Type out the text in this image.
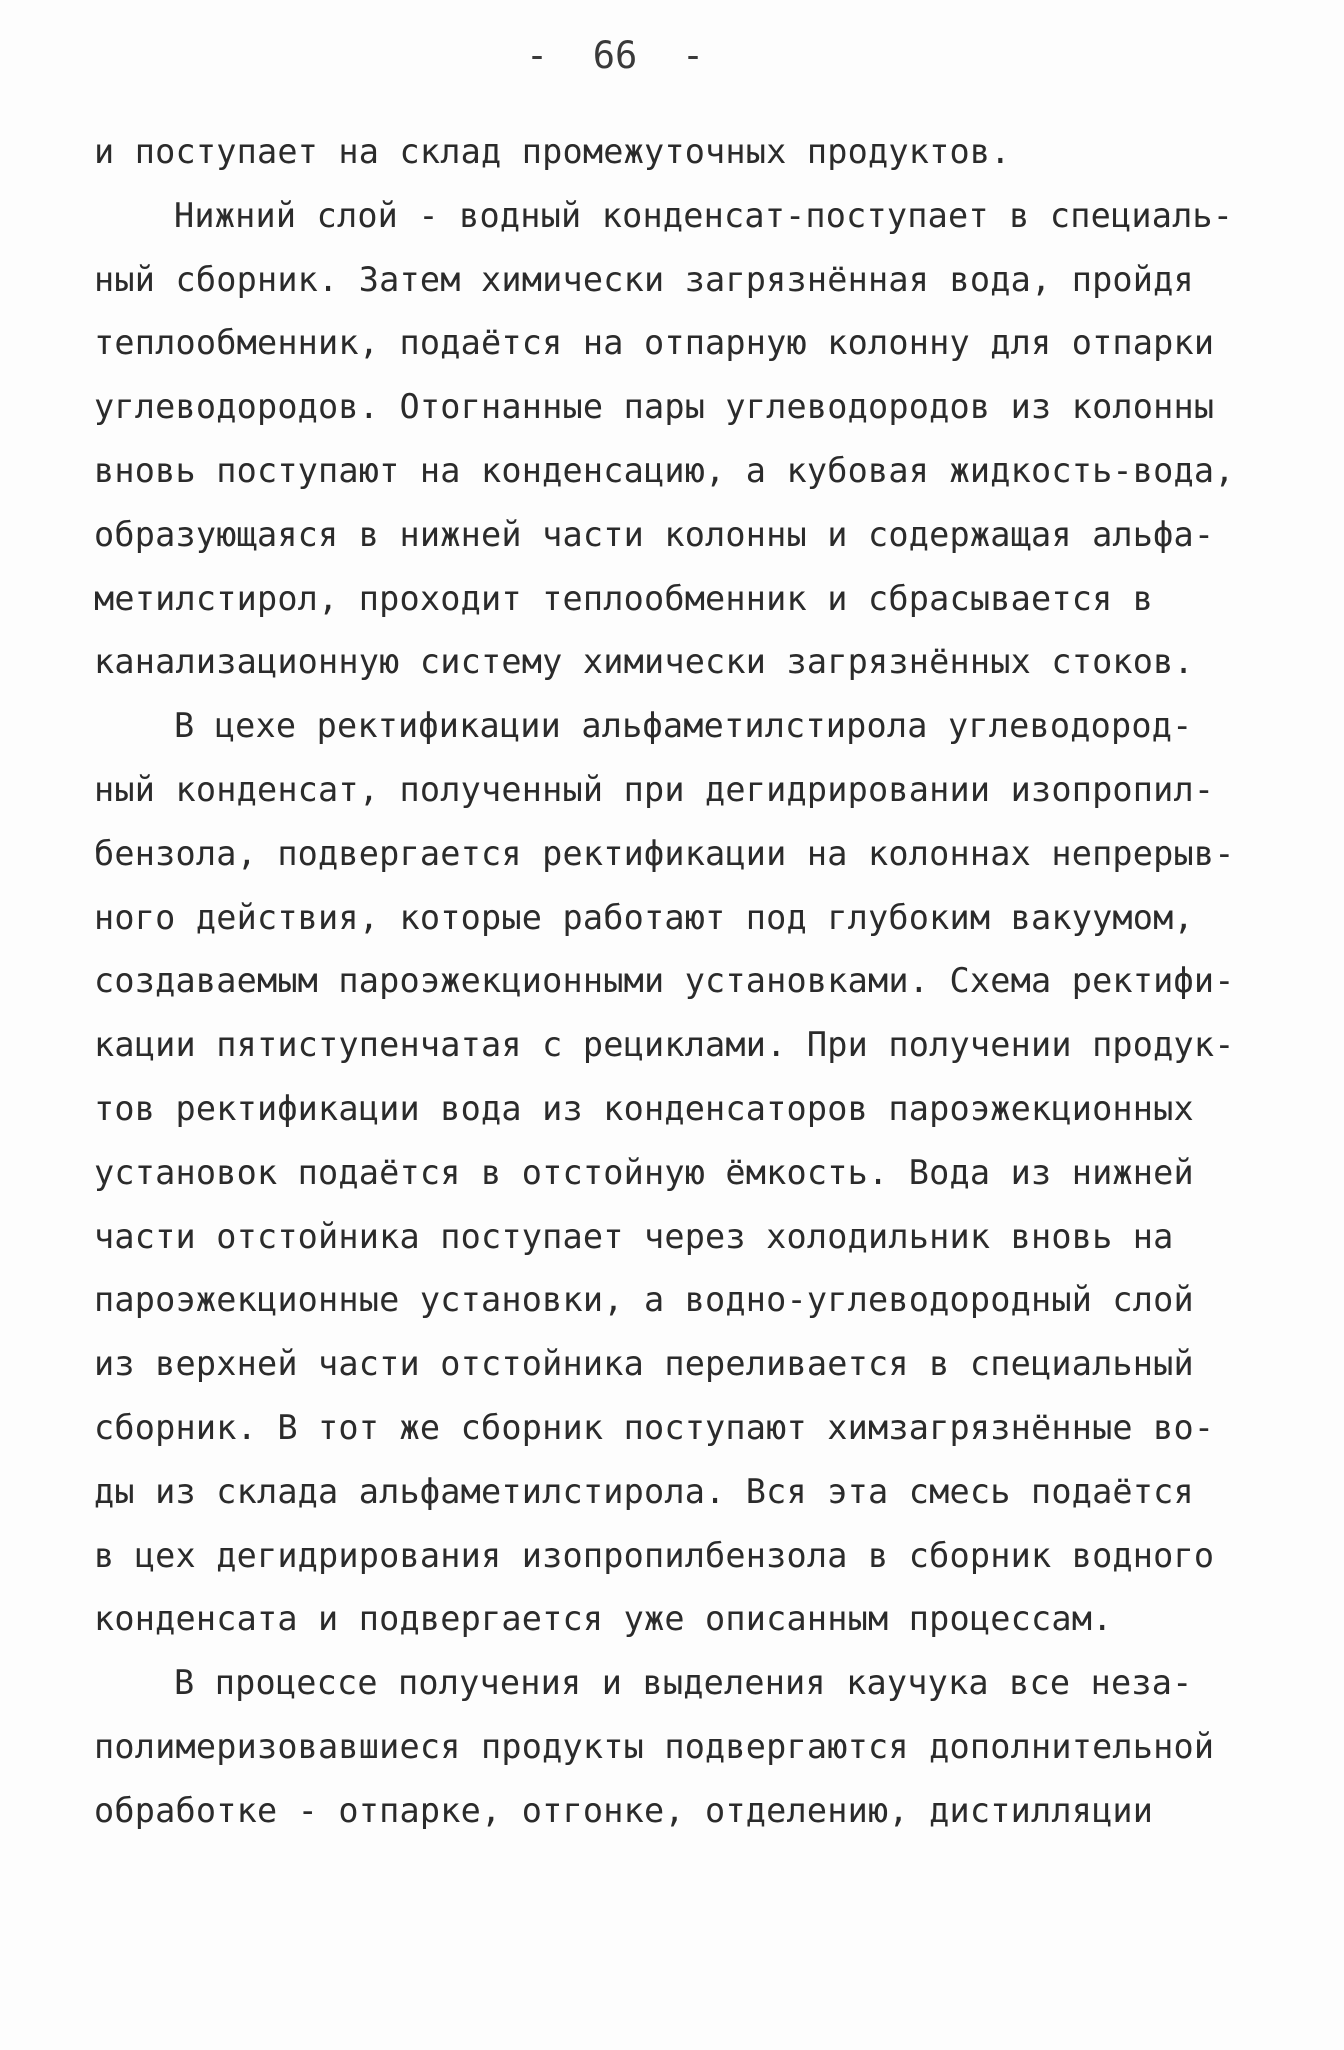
-  66  -
и поступает на склад промежуточных продуктов.
Нижний слой - водный конденсат-поступает в специаль-
ный сборник. Затем химически загрязнённая вода, пройдя
теплообменник, подаётся на отпарную колонну для отпарки
углеводородов. Отогнанные пары углеводородов из колонны
вновь поступают на конденсацию, а кубовая жидкость-вода,
образующаяся в нижней части колонны и содержащая альфа-
метилстирол, проходит теплообменник и сбрасывается в
канализационную систему химически загрязнённых стоков.
В цехе ректификации альфаметилстирола углеводород-
ный конденсат, полученный при дегидрировании изопропил-
бензола, подвергается ректификации на колоннах непрерыв-
ного действия, которые работают под глубоким вакуумом,
создаваемым пароэжекционными установками. Схема ректифи-
кации пятиступенчатая с рециклами. При получении продук-
тов ректификации вода из конденсаторов пароэжекционных
установок подаётся в отстойную ёмкость. Вода из нижней
части отстойника поступает через холодильник вновь на
пароэжекционные установки, а водно-углеводородный слой
из верхней части отстойника переливается в специальный
сборник. В тот же сборник поступают химзагрязнённые во-
ды из склада альфаметилстирола. Вся эта смесь подаётся
в цех дегидрирования изопропилбензола в сборник водного
конденсата и подвергается уже описанным процессам.
В процессе получения и выделения каучука все неза-
полимеризовавшиеся продукты подвергаются дополнительной
обработке - отпарке, отгонке, отделению, дистилляции
